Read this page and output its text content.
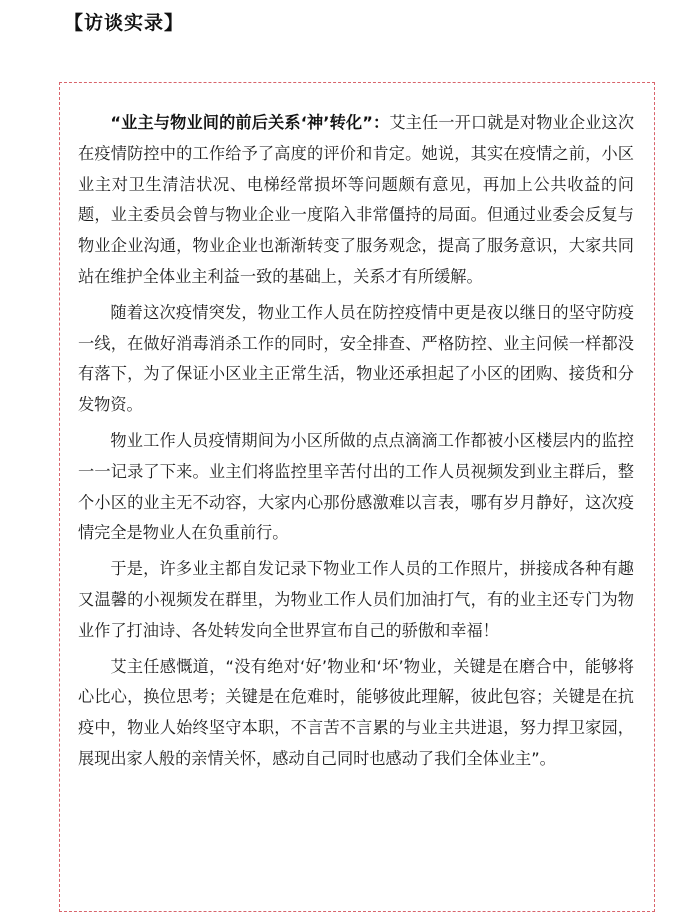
【访谈实录】

“业主与物业间的前后关系‘神’转化”：艾主任一开口就是对物业企业这次在疫情防控中的工作给予了高度的评价和肯定。她说，其实在疫情之前，小区业主对卫生清洁状况、电梯经常损坏等问题颇有意见，再加上公共收益的问题，业主委员会曾与物业企业一度陷入非常僵持的局面。但通过业委会反复与物业企业沟通，物业企业也渐渐转变了服务观念，提高了服务意识，大家共同站在维护全体业主利益一致的基础上，关系才有所缓解。

随着这次疫情突发，物业工作人员在防控疫情中更是夜以继日的坚守防疫一线，在做好消毒消杀工作的同时，安全排查、严格防控、业主问候一样都没有落下，为了保证小区业主正常生活，物业还承担起了小区的团购、接货和分发物资。

物业工作人员疫情期间为小区所做的点点滴滴工作都被小区楼层内的监控一一记录了下来。业主们将监控里辛苦付出的工作人员视频发到业主群后，整个小区的业主无不动容，大家内心那份感激难以言表，哪有岁月静好，这次疫情完全是物业人在负重前行。

于是，许多业主都自发记录下物业工作人员的工作照片，拼接成各种有趣又温馨的小视频发在群里，为物业工作人员们加油打气，有的业主还专门为物业作了打油诗、各处转发向全世界宣布自己的骄傲和幸福！

艾主任感慨道，“没有绝对‘好’物业和‘坏’物业，关键是在磨合中，能够将心比心，换位思考；关键是在危难时，能够彼此理解，彼此包容；关键是在抗疫中，物业人始终坚守本职，不言苦不言累的与业主共进退，努力捍卫家园，展现出家人般的亲情关怀，感动自己同时也感动了我们全体业主”。
